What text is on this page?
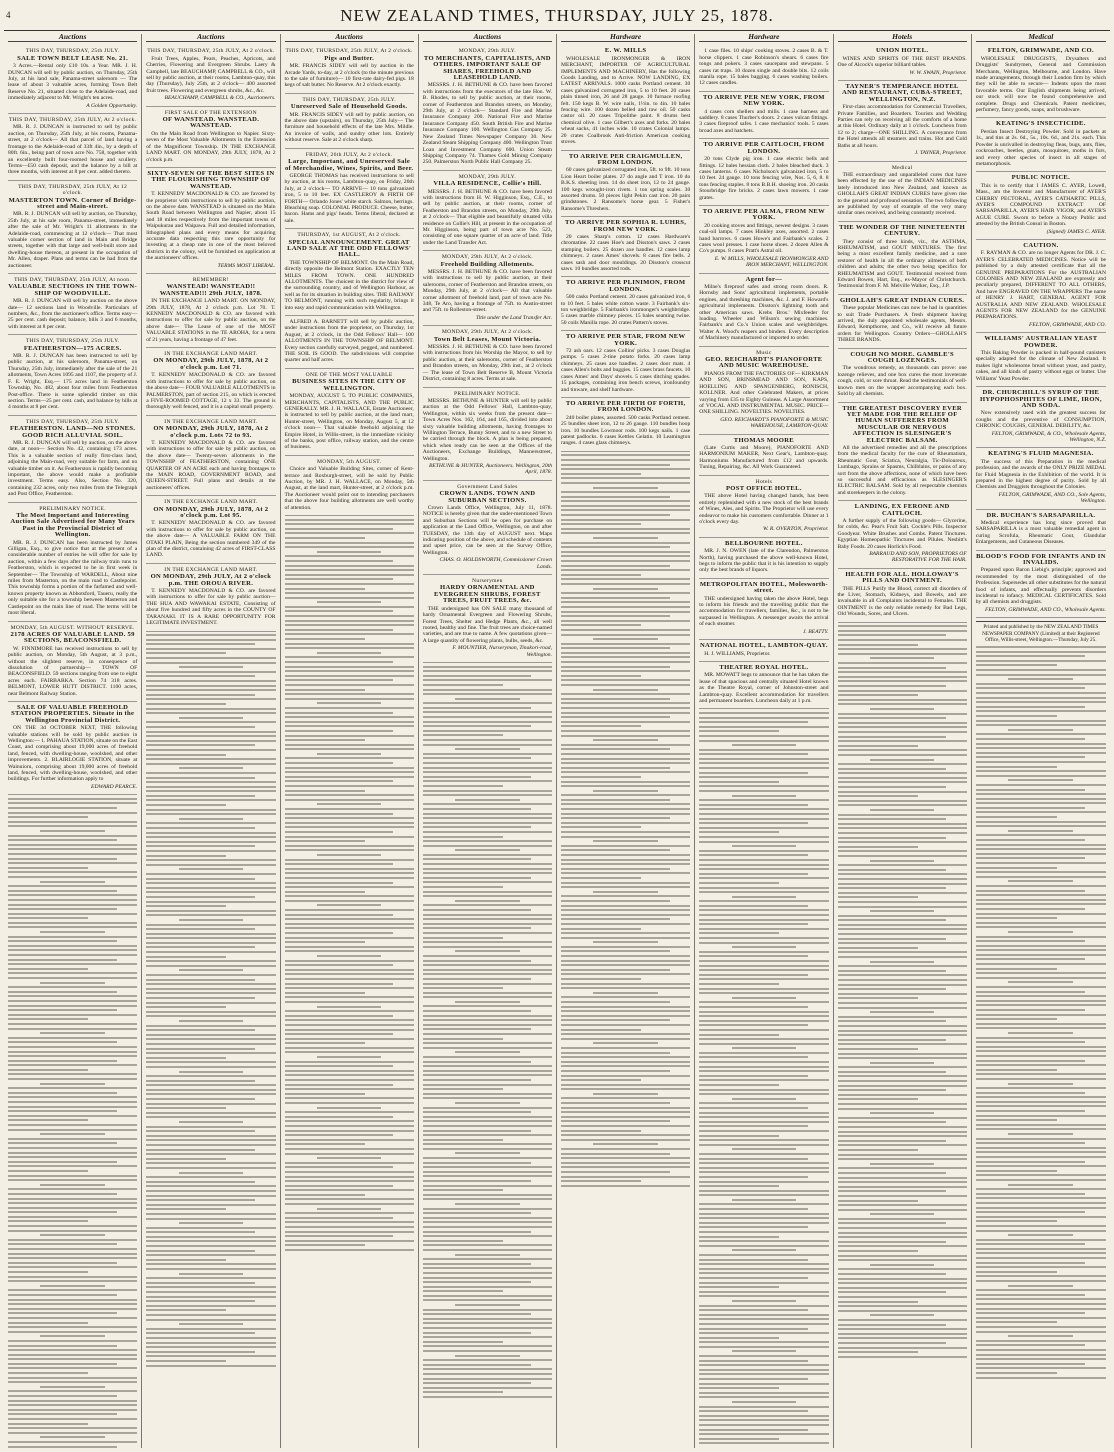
4	NEW ZEALAND TIMES, THURSDAY, JULY 25, 1878.
Auctions
THIS DAY, THURSDAY, 25th JULY.
SALE TOWN BELT LEASE No. 21.

3 Acres.—Rental only £10 10s. a Year. MR. J. H. DUNCAN will sell by public auction, on Thursday, 25th July, at his land sale, Panama-street saleroom — The lease of about 3 valuable acres, forming Town Belt Reserve No. 21, situated close to the Adelaide-road, and immediately adjacent to Mr. Wright's ten acres.

A Golden Opportunity.

THIS DAY, THURSDAY, 25th JULY, At 2 o'clock.

MR. R. J. DUNCAN is instructed to sell by public auction, on Thursday, 25th July, at his rooms, Panama-street, at 2 o'clock— All that parcel of land having a frontage to the Adelaide-road of 33ft 4in., by a depth of 80ft. 6in., being part of town acre No. 758, together with an excellently built four-roomed house and scullery. Terms—£50 cash deposit, and the balance by a bill at three months, with interest at 8 per cent. added thereto.

THIS DAY, THURSDAY, 25th JULY, At 12 o'clock.
MASTERTON TOWN. Corner of Bridge-street and Main-street.

MR. R. J. DUNCAN will sell by auction, on Thursday, 25th July, at his sale room, Panama-street, immediately after the sale of Mr. Wright's 11 allotments in the Adelaide-road, commencing at 12 o'clock— That most valuable corner section of land in Main and Bridge streets, together with that large and well-built store and dwelling-house thereon, at present in the occupation of Mr. Allen, draper. Plans and terms can be had from the auctioneer.

THIS DAY, THURSDAY, 25th JULY, At noon.
VALUABLE SECTIONS IN THE TOWN-SHIP OF WOODVILLE.

MR. R. J. DUNCAN will sell by auction on the above date— 12 sections land in Woodville. Particulars of numbers, &c., from the auctioneer's office. Terms easy—25 per cent. cash deposit; balance, bills 3 and 6 months, with interest at 8 per cent.

THIS DAY, THURSDAY, 25th JULY.
FEATHERSTON—175 ACRES.

MR. R. J. DUNCAN has been instructed to sell by public auction, at his saleroom, Panama-street, on Thursday, 25th July, immediately after the sale of the 21 allotments, Town Acres 1095 and 1107, the property of J. F. E. Wright, Esq.— 175 acres land in Featherston Township, No. 482, about four miles from Featherston Post-office. There is some splendid timber on this section. Terms—25 per cent. cash, and balance by bills at 4 months at 8 per cent.

THIS DAY, THURSDAY, 25th JULY.
FEATHERSTON. LAND—NO STONES. GOOD RICH ALLUVIAL SOIL.

MR. R. J. DUNCAN will sell by auction, on the above date, at noon— Section No. 42, containing 173 acres. This is a valuable section of really first-class land, adjoining the Main-road, very suitable for farm, and no valuable timber on it. As Featherston is rapidly becoming important, the above would make a profitable investment. Terms easy. Also, Section No. 320, containing 232 acres, only two miles from the Telegraph and Post Office, Featherston.

PRELIMINARY NOTICE.
The Most Important and Interesting Auction Sale Advertised for Many Years Past in the Provincial District of Wellington.

MR. R. J. DUNCAN has been instructed by James Gilligan, Esq., to give notice that at the present of a considerable number of entries he will offer for sale by auction, within a few days after the railway train runs to Featherston, which is expected to be in first week in September— The Township of WARDELL, About nine miles from Masterton, on the main road to Castlepoint. This township forms a portion of the farfamed and well-known property known as Abbotsford, Taueru, really the only suitable site for a township between Masterton and Castlepoint on the main line of road. The terms will be most liberal.

MONDAY, 5th AUGUST. WITHOUT RESERVE.
2178 ACRES OF VALUABLE LAND. 59 SECTIONS, BEACONSFIELD.

W. FINNIMORE has received instructions to sell by public auction, on Monday, 5th August, at 3 p.m., without the slightest reserve, in consequence of dissolution of partnership— TOWN OF BEACONSFIELD. 59 sections ranging from one to eight acres each. FAIRBARKA. Section 74 318 acres. BELMONT, LOWER HUTT DISTRICT. 1100 acres, near Belmont Railway Station.

SALE OF VALUABLE FREEHOLD STATION PROPERTIES. Situate in the Wellington Provincial District.

ON THE 3d OCTOBER NEXT, THE following valuable stations will be sold by public auction in Wellington:— 1. PAHAUA STATION, situate on the East Coast, and comprising about 19,000 acres of freehold land, fenced, with dwelling-house, woolshed, and other improvements. 2. BLAIRLOGIE STATION, situate at Wainuioru, comprising about 19,000 acres of freehold land, fenced, with dwelling-house, woolshed, and other buildings. For further information apply to

EDWARD PEARCE.

Auctions
THIS DAY, THURSDAY, 25th JULY, At 2 o'clock.

Fruit Trees, Apples, Pears, Peaches, Apricots, and Cherries, Flowering and Evergreen Shrubs. Laery & Campbell, late BEAUCHAMP, CAMPBELL & CO., will sell by public auction, at their rooms, Lambton-quay, this day (Thursday), July 25th, at 2 o'clock— 400 assorted fruit trees. Flowering and evergreen shrubs, &c., &c.

BEAUCHAMP, CAMPBELL & CO., Auctioneers.

FIRST SALE OF THE EXTENSION
OF WANSTEAD. WANSTEAD. WANSTEAD.

On the Main Road from Wellington to Napier. Sixty-seven of the Most Valuable Allotments in the Extension of the Magnificent Township. IN THE EXCHANGE LAND MART. ON MONDAY, 29th JULY, 1878, At 2 o'clock p.m.

SIXTY-SEVEN OF THE BEST SITES IN THE FLOURISHING TOWNSHIP OF WANSTEAD.

T. KENNEDY MACDONALD & CO. are favored by the proprietor with instructions to sell by public auction, on the above date. WANSTEAD is situated on the Main South Road between Wellington and Napier, about 15 and 18 miles respectively from the important towns of Waipukurau and Waipawa. Full and detailed information, lithographed plans and every means for acquiring accurate data respecting this rare opportunity for investing at a cheap rate in one of the most beloved districts in the colony, will be furnished on application at the auctioneers' offices.

TERMS MOST LIBERAL.

REMEMBER!
WANSTEAD! WANSTEAD!! WANSTEAD!!! 29th JULY, 1878.

IN THE EXCHANGE LAND MART. ON MONDAY, 29th JULY, 1878, At 2 o'clock p.m. Lot 70. T. KENNEDY MACDONALD & CO. are favored with instructions to offer for sale by public auction, on the above date— The Lease of one of the MOST VALUABLE STATIONS in the TE AROHA, for a term of 21 years, having a frontage of 47 feet.

IN THE EXCHANGE LAND MART.
ON MONDAY, 29th JULY, 1878, At 2 o'clock p.m. Lot 71.

T. KENNEDY MACDONALD & CO. are favored with instructions to offer for sale by public auction, on the above date— FOUR VALUABLE ALLOTMENTS in PALMERSTON, part of section 215, on which is erected a FIVE-ROOMED COTTAGE, 12 x 33. The ground is thoroughly well fenced, and it is a capital small property.

IN THE EXCHANGE LAND MART.
ON MONDAY, 29th JULY, 1878, At 2 o'clock p.m. Lots 72 to 93.

T. KENNEDY MACDONALD & CO. are favored with instructions to offer for sale by public auction, on the above date— Twenty-seven allotments in the TOWNSHIP of FEATHERSTON, containing ONE QUARTER OF AN ACRE each and having frontages to the MAIN ROAD, GOVERNMENT ROAD, and QUEEN-STREET. Full plans and details at the auctioneers' offices.

IN THE EXCHANGE LAND MART.
ON MONDAY, 29th JULY, 1878, At 2 o'clock p.m. Lot 95.

T. KENNEDY MACDONALD & CO. are favored with instructions to offer for sale by public auction, on the above date— A VALUABLE FARM ON THE OTAKI PLAIN, Being the section numbered 349 of the plan of the district, containing 42 acres of FIRST-CLASS LAND.

IN THE EXCHANGE LAND MART.
ON MONDAY, 29th JULY, At 2 o'clock p.m. THE OROUA RIVER.

T. KENNEDY MACDONALD & CO. are favored with instructions to offer for sale by public auction— THE HUA AND WAWAKAI ESTATE, Consisting of about five hundred and fifty acres in the COUNTY OF TARANAKI. IT IS A RARE OPPORTUNITY FOR LEGITIMATE INVESTMENT.

Auctions
THIS DAY, THURSDAY, 25th JULY, At 2 o'clock.
Pigs and Butter.

MR. FRANCIS SIDEY will sell by auction in the Arcade Yards, to-day, at 2 o'clock (to the minute previous to the sale of furniture)— 10 first-rate dairy-fed pigs. 18 kegs of salt butter. No Reserve. At 2 o'clock exactly.

THIS DAY, THURSDAY, 25th JULY.
Unreserved Sale of Household Goods.

MR. FRANCIS SIDEY will sell by public auction, on the above date (upstairs), on Thursday, 25th July— The furniture and household effects of the late Mrs. Mildle. An invoice of walls, and sundry other lots. Entirely without reserve. Sale at 2 o'clock sharp.

FRIDAY, 26th JULY, At 2 o'clock.
Large, Important, and Unreserved Sale of Merchandise, Wines, Spirits, and Beer.

GEORGE THOMAS has received instructions to sell by auction, at his rooms, Lambton-quay, on Friday, 26th July, at 2 o'clock— TO ARRIVE— 10 tons galvanized iron, 5 to 10 feet. EX CASTLEROY & FIRTH OF FORTH— Orlando Jones' white starch. Salmon, herrings. Bleaching soap. COLONIAL PRODUCE. Cheese, butter, bacon. Hams and pigs' heads. Terms liberal, declared at sale.

THURSDAY, 1st AUGUST, At 2 o'clock.
SPECIAL ANNOUNCEMENT. GREAT LAND SALE AT THE ODD FELLOWS' HALL.

THE TOWNSHIP OF BELMONT. On the Main Road, directly opposite the Belmont Station. EXACTLY TEN MILES FROM TOWN. ONE HUNDRED ALLOTMENTS. The choicest in the district for view of the surrounding country, and of Wellington Harbour, as well as for its situation in building sites. THE RAILWAY TO BELMONT, running with such regularity, brings it into easy and rapid communication with Wellington.

ALFRED A. BARNETT will sell by public auction, under instructions from the proprietor, on Thursday, 1st August, at 2 o'clock, in the Odd Fellows' Hall— 100 ALLOTMENTS IN THE TOWNSHIP OF BELMONT. Every section carefully surveyed, pegged, and numbered. THE SOIL IS GOOD. The subdivisions will comprise quarter and half acres.

ONE OF THE MOST VALUABLE
BUSINESS SITES IN THE CITY OF WELLINGTON.

MONDAY, AUGUST 5. TO PUBLIC COMPANIES, MERCHANTS, CAPITALISTS, AND THE PUBLIC GENERALLY. MR. J. H. WALLACE, Estate Auctioneer, is instructed to sell by public auction, at the land mart, Hunter-street, Wellington, on Monday, August 5, at 12 o'clock noon— That valuable freehold adjoining the Empire Hotel, in Willis-street, in the immediate vicinity of the banks, post office, railway station, and the centre of business.

MONDAY, 5th AUGUST.

Choice and Valuable Building Sites, corner of Kent-terrace and Roxburgh-street, will be sold by Public Auction, by MR. J. H. WALLACE, on Monday, 5th August, at the land mart, Hunter-street, at 2 o'clock p.m. The Auctioneer would point out to intending purchasers that the above four building allotments are well worthy of attention.

Auctions
MONDAY, 29th JULY.
TO MERCHANTS, CAPITALISTS, AND OTHERS. IMPORTANT SALE OF SHARES, FREEHOLD AND LEASEHOLD LAND.

MESSRS. J. H. BETHUNE & CO. have been favored with instructions from the executors of the late Hon. W. B. Rhodes, to sell by public auction, at their rooms, corner of Featherston and Brandon streets, on Monday, 29th July, at 2 o'clock— Standard Fire and Marine Insurance Company 200. National Fire and Marine Insurance Company 450. South British Fire and Marine Insurance Company 100. Wellington Gas Company 25. New Zealand Times Newspaper Company 30. New Zealand Steam Shipping Company 400. Wellington Trust Loan and Investment Company 600. Union Steam Shipping Company 74. Thames Gold Mining Company 250. Palmerston North Public Hall Company 25.

MONDAY, 29th JULY.
VILLA RESIDENCE, Collie's Hill.

MESSRS. J. H. BETHUNE & CO. have been favored with instructions from H. W. Higginson, Esq., C.E., to sell by public auction, at their rooms, corner of Featherston and Brandon streets, on Monday, 29th July, at 2 o'clock— That eligible and beautifully situated villa residence on Collie's Hill, at present in the occupation of Mr. Higginson, being part of town acre No. 523, consisting of one square quarter of an acre of land. Title under the Land Transfer Act.

MONDAY, 29th JULY, At 2 o'clock.
Freehold Building Allotments.

MESSRS. J. H. BETHUNE & CO. have been favored with instructions to sell by public auction, at their salerooms, corner of Featherston and Brandon streets, on Monday, 29th July, at 2 o'clock— All that valuable corner allotment of freehold land, part of town acre No. 348, Te Aro, having a frontage of 75ft. to Austin-street and 75ft. to Rolleston-street.

Title under the Land Transfer Act.

MONDAY, 29th JULY, At 2 o'clock.
Town Belt Leases, Mount Victoria.

MESSRS. J. H. BETHUNE & CO. have been favored with instructions from his Worship the Mayor, to sell by public auction, at their salerooms, corner of Featherston and Brandon streets, on Monday, 29th inst., at 2 o'clock— The lease of Town Belt Reserve B, Mount Victoria District, containing 8 acres. Terms at sale.

PRELIMINARY NOTICE.

MESSRS. BETHUNE & HUNTER will sell by public auction at the Odd Fellows' Hall, Lambton-quay, Wellington, within six weeks from the present date— Town Acres Nos. 162, 164, and 165, divided into about sixty valuable building allotments, having frontages to Willington Terrace, Bunny Street, and to a new Street to be carried through the block. A plan is being prepared, which when ready can be seen at the Offices of the Auctioneers, Exchange Buildings, Mannersstreet, Wellington.

BETHUNE & HUNTER, Auctioneers. Wellington, 20th April, 1878.

Government Land Sales
CROWN LANDS. TOWN AND SUBURBAN SECTIONS.

Crown Lands Office, Wellington, July 11, 1878. NOTICE is hereby given that the under-mentioned Town and Suburban Sections will be open for purchase on application at the Land Office, Wellington, on and after TUESDAY, the 13th day of AUGUST next. Maps indicating position of the above, and schedule of contents and upset price, can be seen at the Survey Office, Wellington.

CHAS. O. HOLDSWORTH, Commissioner Crown Lands.

Nurserymen
HARDY ORNAMENTAL AND EVERGREEN SHRUBS, FOREST TREES, FRUIT TREES, &c.

THE undersigned has ON SALE many thousand of hardy Ornamental Evergreen and Flowering Shrubs, Forest Trees, Shelter and Hedge Plants, &c., all well rooted, healthy and fine. The fruit trees are choice-named varieties, and are true to name. A few quotations given— A large quantity of flowering plants, bulbs, seeds, &c.

F. MOUNTIER, Nurseryman, Tinakori-road, Wellington.

Hardware
E. W. MILLS

WHOLESALE IRONMONGER & IRON MERCHANT, IMPORTER OF AGRICULTURAL IMPLEMENTS AND MACHINERY, Has the following Goods Landing, and to Arrive. NOW LANDING, EX LATEST ARRIVALS. 1000 casks Portland cement. 30 cases galvanized corrugated iron, 5 to 10 feet. 20 cases plain tinned iron, 26 and 28 gauge. 10 furnace roofing felt. 150 kegs B. W. wire nails, 1½in. to 4in. 10 bales fencing wire. 100 dozen belled and raw oil. 50 casks castor oil. 20 cases Tripolithe paint. 8 drums best chemical olive. 1 case Gilbert's axes and forks. 20 bales wheat sacks, 41 inches wide. 10 crates Colonial lamps. 20 crates Coalbrook Anti-friction American cooking stoves.

TO ARRIVE PER CRAIGMULLEN, FROM LONDON.

60 cases galvanized corrugated iron, 5ft. to 9ft. 10 tons Lion Heart boiler plates. 27 do angle and T iron. 10 do B.K.S. sheeting iron. 14 do sheet iron, 12 to 24 gauge. 100 kegs wrought-iron rivets. 1 ton spring scales. 30 assorted drums. 50 pieces light Pekin cast iron. 20 pairs grindstones. 2 Ransome's horse gear. 5 Fisher's Ransome's Threshers.

TO ARRIVE PER SOPHIA R. LUHRS, FROM NEW YORK.

20 cases Sharp's cotton. 12 cases Hardware's chromatine. 22 cases Hoe's and Disston's saws. 2 cases stamping boilers. 25 dozen axe handles. 12 cases lamp chimneys. 2 cases Ames' shovels. 8 cases fire bells. 2 cases sash and door mouldings. 20 Disston's crosscut saws. 10 bundles assorted rods.

TO ARRIVE PER PLINIMON, FROM LONDON.

500 casks Portland cement. 20 cases galvanized iron, 6 to 10 feet. 5 bales white cotton waste. 3 Fairbank's six-ton weighbridge. 5 Fairbank's ironmonger's weighbridge. 5 cases marble chimney pieces. 15 bales seaming twine. 50 coils Manilla rope. 20 crates Pattern's stoves.

TO ARRIVE PER STAR, FROM NEW YORK.

72 ash oars. 12 cases Collins' picks. 3 cases Douglas pumps. 5 cases 2-tine potato forks. 20 cases lamp chimneys. 25 cases axe handles. 2 cases door mats. 4 cases Allen's bolts and buggies. 15 cases brass faucets. 10 cases Ames' and Days' shovels. 5 cases ditching spades. 15 packages, containing iron bench screws, ironfoundry and tinware, and shelf hardware.

TO ARRIVE PER FIRTH OF FORTH, FROM LONDON.

240 boiler plates, assorted. 500 casks Portland cement. 25 bundles sheet iron, 12 to 26 gauge. 110 bundles hoop iron. 10 bundles Lowmoor rods. 100 kegs nails. 1 case patent padlocks. 6 cases Kettles Gelatin. 10 Leamington ranges. 4 cases glass chimneys.

Hardware

1 case files. 10 ships' cooking stoves. 2 cases B. & T. horse clippers. 1 case Robinson's shears. 6 cases fire tongs and pokers. 3 cases saucepans and stewpans. 5 cases rat traps. 10 dozen single and double bits. 12 coils manila rope. 15 bales bagging. 6 cases washing boilers. 12 cases candles.

TO ARRIVE PER NEW YORK, FROM NEW YORK.

4 cases corn shellers and mills. 1 case harness and saddlery. 8 cases Thurber's doors. 2 cases vulcan fittings. 3 cases fireproof safes. 1 case mechanics' tools. 5 cases broad axes and hatchets.

TO ARRIVE PER CAITLOCH, FROM LONDON.

20 tons Clyde pig iron. 1 case electric bells and fittings. 12 bales hessian cloth. 2 bales bleached duck. 3 cases lanterns. 6 cases Nicholson's galvanized iron, 5 to 10 feet. 24 gauge. 10 tons fencing wire, Nos. 5, 6, 8. 8 tons fencing staples. 8 tons B.B.H. shoeing iron. 20 casks Stourbridge fire bricks. 2 cases lawn mowers. 1 case grates.

TO ARRIVE PER ALMA, FROM NEW YORK.

20 cooking stoves and fittings, newest designs. 3 cases coal-oil lamps. 7 cases Hinkley axes, assorted. 2 cases hand barrows. 6 cases Howe's and Fairbank's scales. 2 cases wool presses. 1 case horse shoes. 2 dozen Allen & Co's pumps. 8 cases Pratt's Astral oil.

E. W. MILLS, WHOLESALE IRONMONGER AND IRON MERCHANT, WELLINGTON.

Agent for—

Milne's fireproof safes and strong room doors. R. Hornsby and Sons' agricultural implements, portable engines, and threshing machines, &c. J. and F. Howard's agricultural implements. Disston's lightning tooth and other American saws. Krebs Bros.' Mixfeeder for loading. Wheeler and Wilson's sewing machines. Fairbank's and Co.'s Union scales and weighbridges. Walter A. Wood's reapers and binders. Every description of Machinery manufactured or imported to order.

Music
GEO. REICHARDT'S PIANOFORTE AND MUSIC WAREHOUSE.

PIANOS FROM THE FACTORIES OF— KIRKMAN AND SON, BRINSMEAD AND SON, KAPS, HOELLING AND SPANGENBERG, RONISCH, KOLLNER. And other Celebrated Makers, at prices varying from £35 to Eighty Guineas. A Large Assortment of VOCAL AND INSTRUMENTAL MUSIC. PRICE—ONE SHILLING. NOVELTIES. NOVELTIES.

GEO. REICHARDT'S PIANOFORTE & MUSIC WAREHOUSE, LAMBTON-QUAY.

THOMAS MOORE

(Late Curtis and Moore), PIANOFORTE AND HARMONIUM MAKER, Next Gear's, Lambton-quay. Harmoniums Manufactured from £12 and upwards. Tuning, Repairing, &c. All Work Guaranteed.

Hotels
POST OFFICE HOTEL.

THE above Hotel having changed hands, has been entirely replenished with a new stock of the best brands of Wines, Ales, and Spirits. The Proprietor will use every endeavor to make his customers comfortable. Dinner at 1 o'clock every day.

W. R. OVERTON, Proprietor.

BELLBOURNE HOTEL.

MR. J. N. OWEN (late of the Clarendon, Palmerston North), having purchased the above well-known Hotel, begs to inform the public that it is his intention to supply only the best brands of liquors.

METROPOLITAN HOTEL, Molesworth-street.

THE undersigned having taken the above Hotel, begs to inform his friends and the travelling public that the accommodation for travellers, families, &c., is not to be surpassed in Wellington. A messenger awaits the arrival of each steamer.

J. BEATTY.

NATIONAL HOTEL, LAMBTON-QUAY.

H. J. WILLIAMS, Proprietor.

THEATRE ROYAL HOTEL.

MR. MOWATT begs to announce that he has taken the lease of that spacious and centrally situated Hotel known as the Theatre Royal, corner of Johnston-street and Lambton-quay. Excellent accommodation for travellers and permanent boarders. Luncheon daily at 1 p.m.

Hotels
UNION HOTEL.

WINES AND SPIRITS OF THE BEST BRANDS. One of Alcock's superior billiard tables.

W. W. SWAIN, Proprietor.

TAYNER'S TEMPERANCE HOTEL AND RESTAURANT, CUBA-STREET, WELLINGTON, N.Z.

First-class accommodation for Commercial Travellers, Private Families, and Boarders. Tourists and Wedding Parties can rely on receiving all the comforts of a home at this Hotel. Ordinary daily at 1 o'clock. Luncheon from 12 to 2; charge—ONE SHILLING. A conveyance from the Hotel attends all steamers and trains. Hot and Cold Baths at all hours.

J. TAYNER, Proprietor.

Medical

THE extraordinary and unparalleled cures that have been effected by the use of the INDIAN MEDICINES lately introduced into New Zealand, and known as GHOLLAH'S GREAT INDIAN CURES have given rise to the general and profound sensation. The two following are published by way of example of the very many similar ones received, and being constantly received.

THE WONDER OF THE NINETEENTH CENTURY.

They consist of three kinds, viz., the ASTHMA, RHEUMATISM, and GOUT MIXTURES. The first being a most excellent family medicine, and a sure restorer of health in all the ordinary ailments of both children and adults; the other two being specifics for RHEUMATISM and GOUT. Testimonial received from Edward Bowen, Hart, Esq., ex-Mayor of Christchurch. Testimonial from F. M. Melville Walker, Esq., J.P.

GHOLLAH'S GREAT INDIAN CURES.

These popular Medicines can now be had in quantities to suit Trade Purchasers. A fresh shipment having arrived, the duly appointed wholesale agents, Messrs. Edward, Kempthorne, and Co., will receive all future orders for Wellington. Country Orders—GHOLLAH'S THREE BRANDS.

COUGH NO MORE. GAMBLE'S COUGH LOZENGES.

The wondrous remedy, as thousands can prove: one lozenge relieves, and one box cures the most inveterate cough, cold, or sore throat. Read the testimonials of well-known men on the wrapper accompanying each box. Sold by all chemists.

THE GREATEST DISCOVERY EVER YET MADE FOR THE RELIEF OF HUMAN SUFFERERS FROM MUSCULAR OR NERVOUS AFFECTION IS SLESINGER'S ELECTRIC BALSAM.

All the advertised remedies and all the prescriptions from the medical faculty for the cure of Rheumatism, Rheumatic Gout, Sciatica, Neuralgia, Tic-Doloureux, Lumbago, Sprains or Spasms, Chilblains, or pains of any sort from the above affections, none of which have been so successful and efficacious as SLESINGER'S ELECTRIC BALSAM. Sold by all respectable chemists and storekeepers in the colony.

LANDING, EX FERONE AND CAITLOCH.

A further supply of the following goods— Glycerine, for colds, &c. Pear's Fruit Salt. Cockle's Pills. Inspector Goodyear. White Brushes and Combs. Patent Tinctures. Egyptian Homeopathic Tinctures and Pilules. Nesbitt's Baby Foods. 20 cases Horlick's Food.

BARRAUD AND SON, PROPRIETORS OF RESTORATIVE FOR THE HAIR.

HEALTH FOR ALL. HOLLOWAY'S PILLS AND OINTMENT.

THE PILLS Purify the Blood, correct all disorders of the Liver, Stomach, Kidneys, and Bowels, and are invaluable in all Complaints incidental to Females. THE OINTMENT is the only reliable remedy for Bad Legs, Old Wounds, Sores, and Ulcers.

Medical
FELTON, GRIMWADE, AND CO.

WHOLESALE DRUGGISTS, Drysalters and Druggists' Sundrymen, General and Commission Merchants, Wellington, Melbourne, and London. Have made arrangements, through their London firm by which they will be able to secure— Indents upon the most favorable terms. Our English shipments being arrived, our stock will now be found comprehensive and complete. Drugs and Chemicals. Patent medicines, perfumery, fancy goods, soaps, and brushware.

KEATING'S INSECTICIDE.

Persian Insect Destroying Powder. Sold in packets at 1s., and tins at 2s. 6d., 5s., 10s. 6d., and 21s. each. This Powder is unrivalled in destroying fleas, bugs, ants, flies, cockroaches, beetles, gnats, mosquitoes, moths in furs, and every other species of insect in all stages of metamorphosis.

PUBLIC NOTICE.

This is to certify that I JAMES C. AYER, Lowell, Mass., am the Inventor and Manufacturer of AYER'S CHERRY PECTORAL, AYER'S CATHARTIC PILLS, AYER'S COMPOUND EXTRACT OF SARSAPARILLA, AYER'S HAIR VIGOR, and AYER'S AGUE CURE. Sworn to before a Notary Public and attested by the British Consul in Boston.

(Signed) JAMES C. AYER.

CAUTION.

F. RAYMAN & CO. are no longer Agents for DR. J. C. AYER'S CELEBRATED MEDICINES. Notice will be published by a duly attested certificate that all the GENUINE PREPARATIONS For the AUSTRALIAN COLONIES AND NEW ZEALAND are expressly and peculiarly prepared, DIFFERENT TO ALL OTHERS, And have ENGRAVED ON THE WRAPPERS The name of HENRY J. HART, GENERAL AGENT FOR AUSTRALIA AND NEW ZEALAND. WHOLESALE AGENTS FOR NEW ZEALAND for the GENUINE PREPARATIONS.

FELTON, GRIMWADE, AND CO.

WILLIAMS' AUSTRALIAN YEAST POWDER.

This Baking Powder is packed in half-pound canisters specially adapted for the climate of New Zealand. It makes light wholesome bread without yeast, and pastry, cakes, and all kinds of pastry without eggs or butter. Use Williams' Yeast Powder.

DR. CHURCHILL'S SYRUP OF THE HYPOPHOSPHITES OF LIME, IRON, AND SODA.

Now extensively used with the greatest success for coughs and the preventive of CONSUMPTION, CHRONIC COUGHS, GENERAL DEBILITY, &c.

FELTON, GRIMWADE, & CO., Wholesale Agents, Wellington, N.Z.

KEATING'S FLUID MAGNESIA.

The success of this Preparation in the medical profession, and the awards of the ONLY PRIZE MEDAL for Fluid Magnesia in the Exhibition of the world. It is prepared in the highest degree of purity. Sold by all Chemists and Druggists throughout the Colonies.

FELTON, GRIMWADE, AND CO., Sole Agents, Wellington.

DR. BUCHAN'S SARSAPARILLA.

Medical experience has long since proved that SARSAPARILLA is a most valuable remedial agent in curing Scrofula, Rheumatic Gout, Glandular Enlargements, and Cutaneous Diseases.

BLOOD'S FOOD FOR INFANTS AND IN INVALIDS.

Prepared upon Baron Liebig's principle; approved and recommended by the most distinguished of the Profession. Supersedes all other substitutes for the natural food of infants, and effectually prevents disorders incidental to infancy. MEDICAL CERTIFICATES. Sold by all chemists and druggists.

FELTON, GRIMWADE, AND CO., Wholesale Agents.

Printed and published by the NEW ZEALAND TIMES NEWSPAPER COMPANY (Limited) at their Registered Office, Willis-street, Wellington.—Thursday, July 25.
